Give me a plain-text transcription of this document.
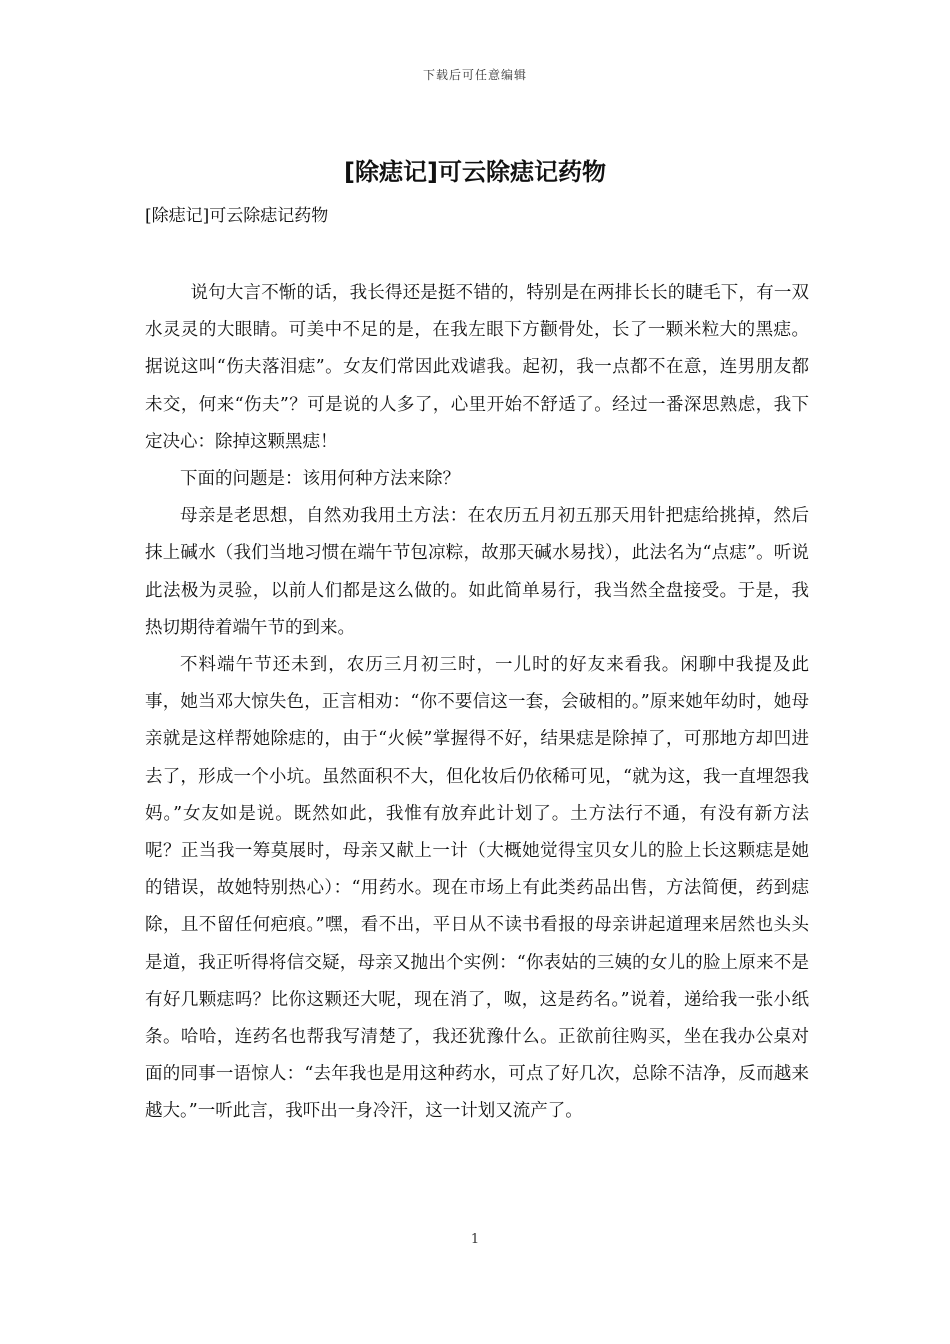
下载后可任意编辑
[除痣记]可云除痣记药物
[除痣记]可云除痣记药物

说句大言不惭的话，我长得还是挺不错的，特别是在两排长长的睫毛下，有一双水灵灵的大眼睛。可美中不足的是，在我左眼下方颧骨处，长了一颗米粒大的黑痣。据说这叫“伤夫落泪痣”。女友们常因此戏谑我。起初，我一点都不在意，连男朋友都未交，何来“伤夫”？可是说的人多了，心里开始不舒适了。经过一番深思熟虑，我下定决心：除掉这颗黑痣！

下面的问题是：该用何种方法来除？

母亲是老思想，自然劝我用土方法：在农历五月初五那天用针把痣给挑掉，然后抹上碱水（我们当地习惯在端午节包凉粽，故那天碱水易找），此法名为“点痣”。听说此法极为灵验，以前人们都是这么做的。如此简单易行，我当然全盘接受。于是，我热切期待着端午节的到来。

不料端午节还未到，农历三月初三时，一儿时的好友来看我。闲聊中我提及此事，她当邓大惊失色，正言相劝：“你不要信这一套，会破相的。”原来她年幼时，她母亲就是这样帮她除痣的，由于“火候”掌握得不好，结果痣是除掉了，可那地方却凹进去了，形成一个小坑。虽然面积不大，但化妆后仍依稀可见，“就为这，我一直埋怨我妈。”女友如是说。既然如此，我惟有放弃此计划了。土方法行不通，有没有新方法呢？正当我一筹莫展时，母亲又献上一计（大概她觉得宝贝女儿的脸上长这颗痣是她的错误，故她特别热心）：“用药水。现在市场上有此类药品出售，方法简便，药到痣除，且不留任何疤痕。”嘿，看不出，平日从不读书看报的母亲讲起道理来居然也头头是道，我正听得将信交疑，母亲又抛出个实例：“你表姑的三姨的女儿的脸上原来不是有好几颗痣吗？比你这颗还大呢，现在消了，呶，这是药名。”说着，递给我一张小纸条。哈哈，连药名也帮我写清楚了，我还犹豫什么。正欲前往购买，坐在我办公桌对面的同事一语惊人：“去年我也是用这种药水，可点了好几次，总除不洁净，反而越来越大。”一听此言，我吓出一身冷汗，这一计划又流产了。

1
